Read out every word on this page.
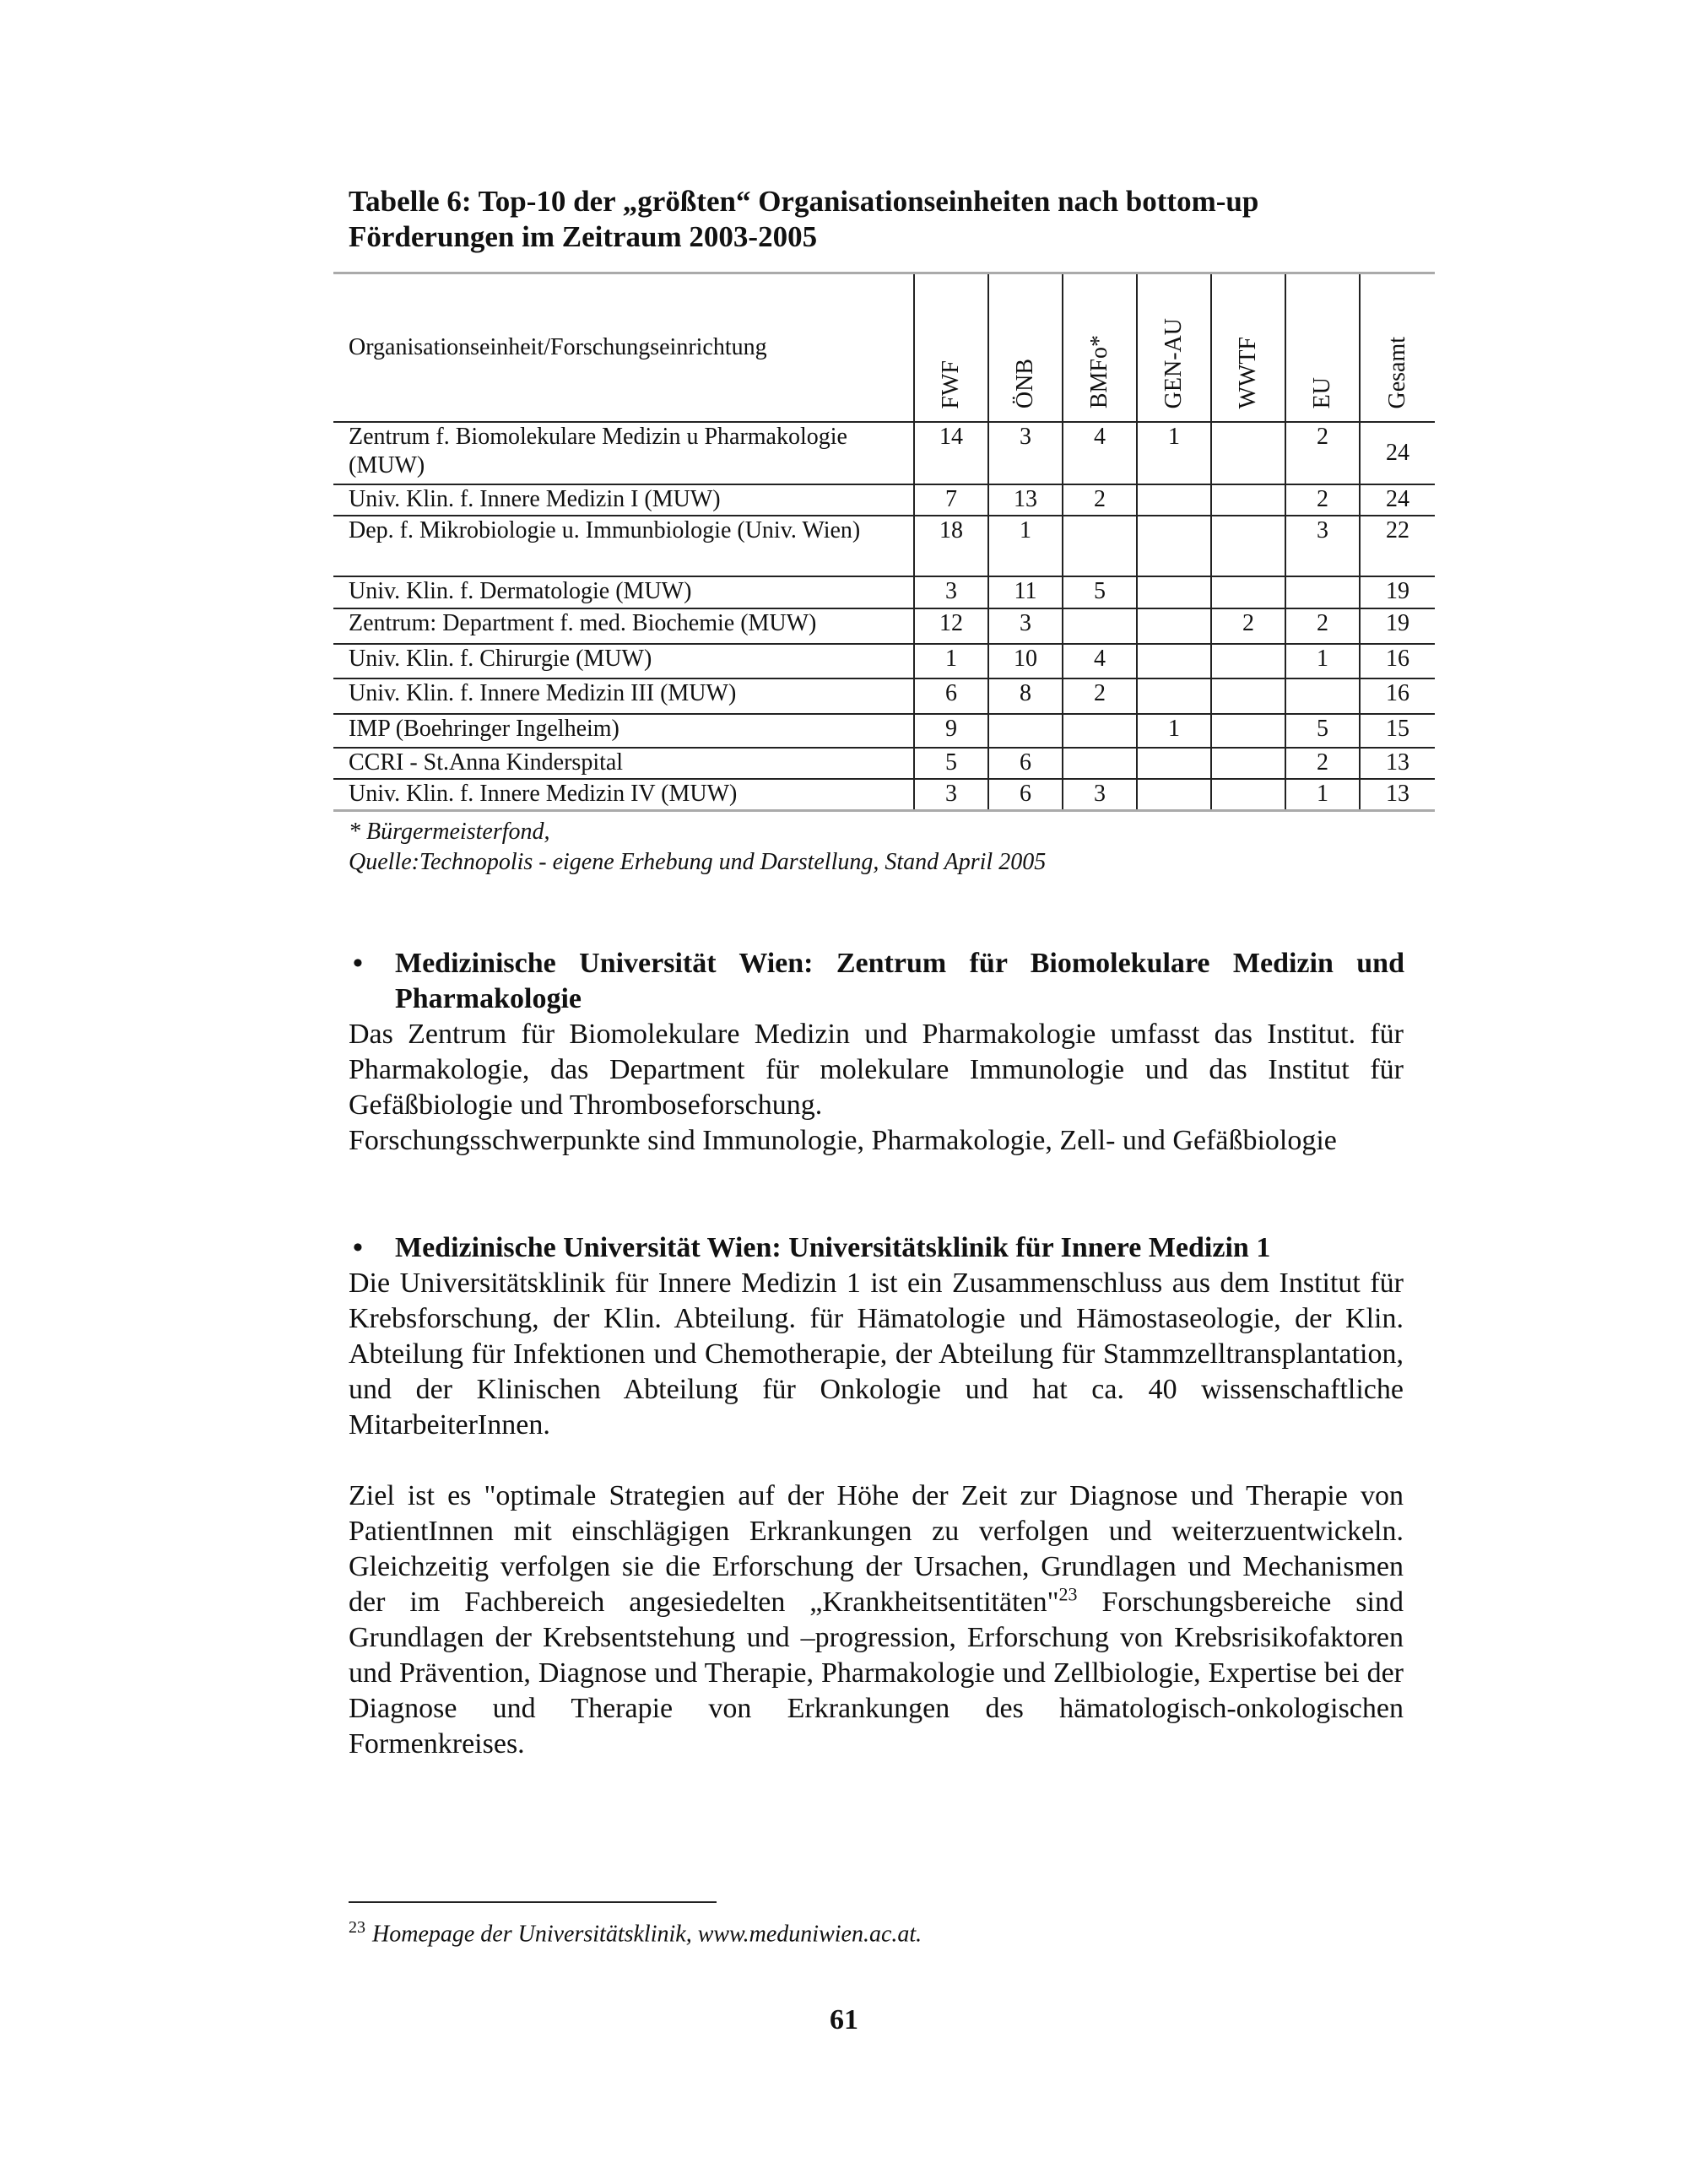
Tabelle 6: Top-10 der „größten“ Organisationseinheiten nach bottom-up
Förderungen im Zeitraum 2003-2005
Organisationseinheit/Forschungseinrichtung	FWF	ÖNB	BMFo*	GEN-AU	WWTF	EU	Gesamt

Zentrum f. Biomolekulare Medizin u Pharmakologie (MUW)	14	3	4	1		2	24
Univ. Klin. f. Innere Medizin I (MUW)	7	13	2			2	24
Dep. f. Mikrobiologie u. Immunbiologie (Univ. Wien)	18	1				3	22
Univ. Klin. f. Dermatologie (MUW)	3	11	5				19
Zentrum: Department f. med. Biochemie (MUW)	12	3			2	2	19
Univ. Klin. f. Chirurgie (MUW)	1	10	4			1	16
Univ. Klin. f. Innere Medizin III (MUW)	6	8	2				16
IMP (Boehringer Ingelheim)	9			1		5	15
CCRI - St.Anna Kinderspital	5	6				2	13
Univ. Klin. f. Innere Medizin IV (MUW)	3	6	3			1	13
* Bürgermeisterfond,
Quelle:Technopolis - eigene Erhebung und Darstellung, Stand April 2005
• Medizinische Universität Wien: Zentrum für Biomolekulare Medizin und Pharmakologie

Das Zentrum für Biomolekulare Medizin und Pharmakologie umfasst das Institut. für Pharmakologie, das Department für molekulare Immunologie und das Institut für Gefäßbiologie und Thromboseforschung.

Forschungsschwerpunkte sind Immunologie, Pharmakologie, Zell- und Gefäßbiologie

• Medizinische Universität Wien: Universitätsklinik für Innere Medizin 1

Die Universitätsklinik für Innere Medizin 1 ist ein Zusammenschluss aus dem Institut für Krebsforschung, der Klin. Abteilung. für Hämatologie und Hämostaseologie, der Klin. Abteilung für Infektionen und Chemotherapie, der Abteilung für Stammzelltransplantation, und der Klinischen Abteilung für Onkologie und hat ca. 40 wissenschaftliche MitarbeiterInnen.

Ziel ist es "optimale Strategien auf der Höhe der Zeit zur Diagnose und Therapie von PatientInnen mit einschlägigen Erkrankungen zu verfolgen und weiterzuentwickeln. Gleichzeitig verfolgen sie die Erforschung der Ursachen, Grundlagen und Mechanismen der im Fachbereich angesiedelten „Krankheitsentitäten"$^{23}$ Forschungsbereiche sind Grundlagen der Krebsentstehung und –progression, Erforschung von Krebsrisikofaktoren und Prävention, Diagnose und Therapie, Pharmakologie und Zellbiologie, Expertise bei der Diagnose und Therapie von Erkrankungen des hämatologisch-onkologischen Formenkreises.

$^{23}$ Homepage der Universitätsklinik, www.meduniwien.ac.at.
61
